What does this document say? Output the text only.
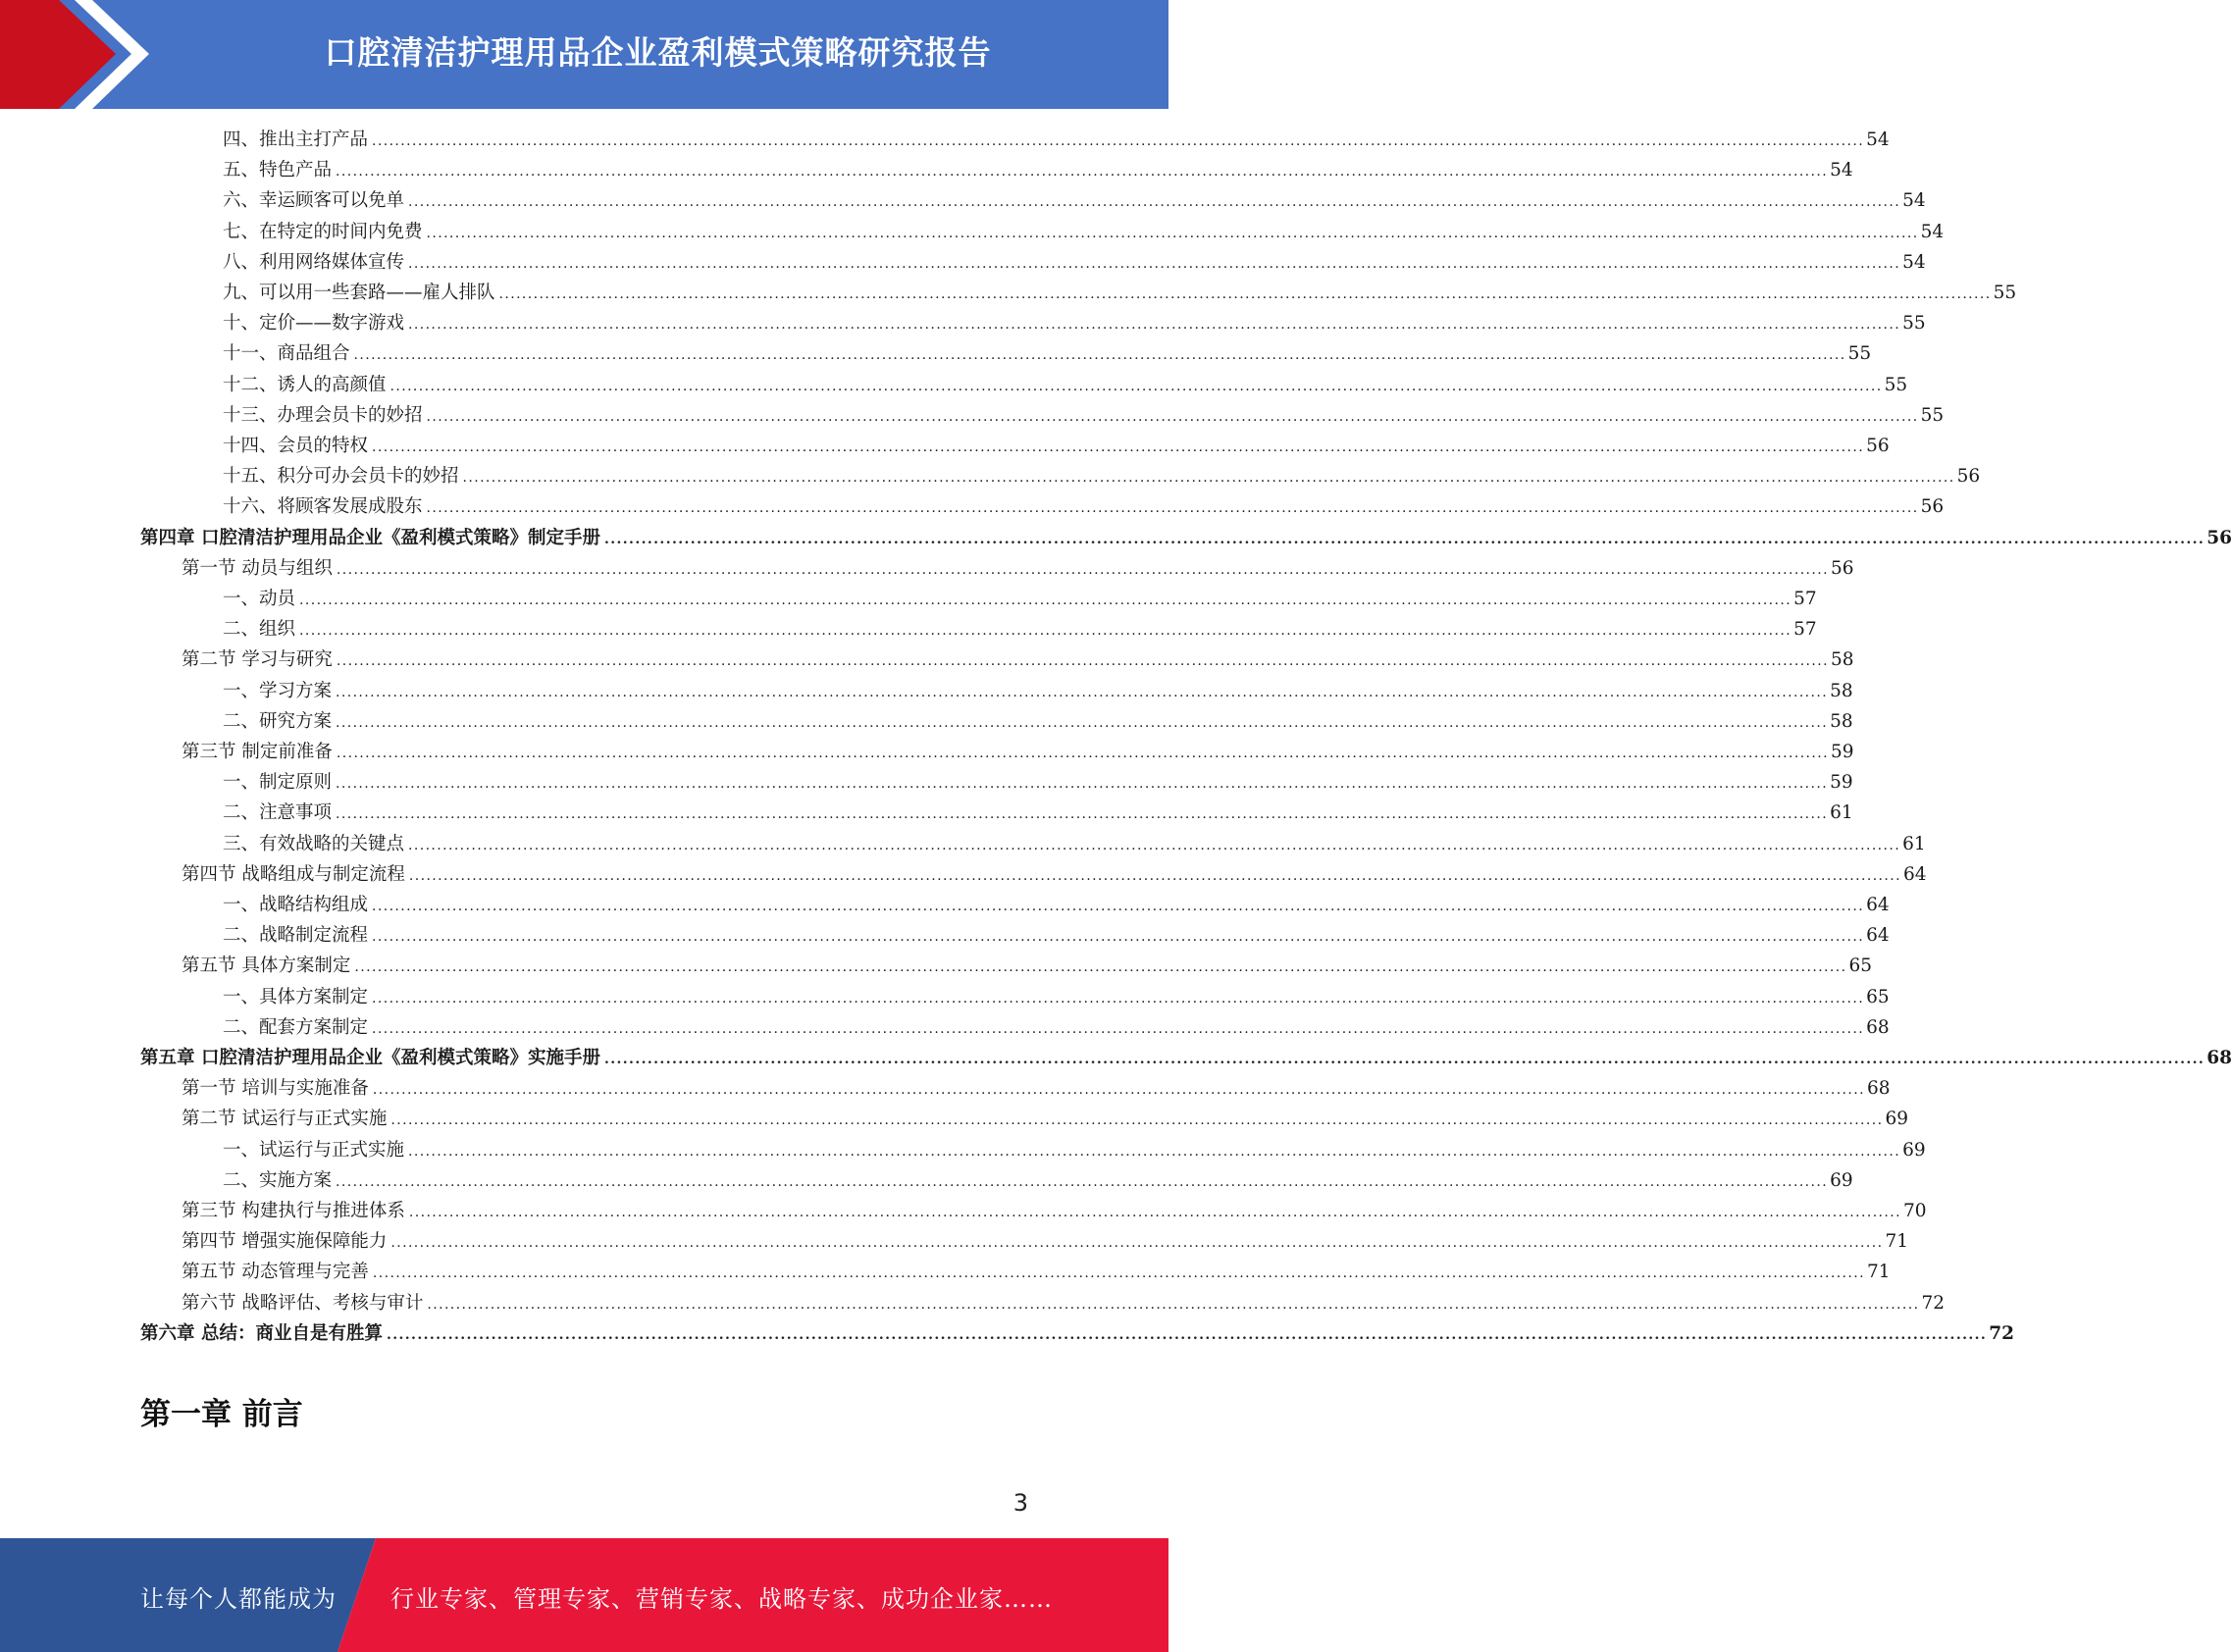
口腔清洁护理用品企业盈利模式策略研究报告
四、推出主打产品 .................................................................................................................................................................................................................................................................... 54
五、特色产品 .................................................................................................................................................................................................................................................................... 54
六、幸运顾客可以免单 .................................................................................................................................................................................................................................................................... 54
七、在特定的时间内免费 .................................................................................................................................................................................................................................................................... 54
八、利用网络媒体宣传 .................................................................................................................................................................................................................................................................... 54
九、可以用一些套路——雇人排队 .................................................................................................................................................................................................................................................................... 55
十、定价——数字游戏 .................................................................................................................................................................................................................................................................... 55
十一、商品组合 .................................................................................................................................................................................................................................................................... 55
十二、诱人的高颜值 .................................................................................................................................................................................................................................................................... 55
十三、办理会员卡的妙招 .................................................................................................................................................................................................................................................................... 55
十四、会员的特权 .................................................................................................................................................................................................................................................................... 56
十五、积分可办会员卡的妙招 .................................................................................................................................................................................................................................................................... 56
十六、将顾客发展成股东 .................................................................................................................................................................................................................................................................... 56
第四章 口腔清洁护理用品企业《盈利模式策略》制定手册 .................................................................................................................................................................................................................................................................... 56
第一节 动员与组织 .................................................................................................................................................................................................................................................................... 56
一、动员 .................................................................................................................................................................................................................................................................... 57
二、组织 .................................................................................................................................................................................................................................................................... 57
第二节 学习与研究 .................................................................................................................................................................................................................................................................... 58
一、学习方案 .................................................................................................................................................................................................................................................................... 58
二、研究方案 .................................................................................................................................................................................................................................................................... 58
第三节 制定前准备 .................................................................................................................................................................................................................................................................... 59
一、制定原则 .................................................................................................................................................................................................................................................................... 59
二、注意事项 .................................................................................................................................................................................................................................................................... 61
三、有效战略的关键点 .................................................................................................................................................................................................................................................................... 61
第四节 战略组成与制定流程 .................................................................................................................................................................................................................................................................... 64
一、战略结构组成 .................................................................................................................................................................................................................................................................... 64
二、战略制定流程 .................................................................................................................................................................................................................................................................... 64
第五节 具体方案制定 .................................................................................................................................................................................................................................................................... 65
一、具体方案制定 .................................................................................................................................................................................................................................................................... 65
二、配套方案制定 .................................................................................................................................................................................................................................................................... 68
第五章 口腔清洁护理用品企业《盈利模式策略》实施手册 .................................................................................................................................................................................................................................................................... 68
第一节 培训与实施准备 .................................................................................................................................................................................................................................................................... 68
第二节 试运行与正式实施 .................................................................................................................................................................................................................................................................... 69
一、试运行与正式实施 .................................................................................................................................................................................................................................................................... 69
二、实施方案 .................................................................................................................................................................................................................................................................... 69
第三节 构建执行与推进体系 .................................................................................................................................................................................................................................................................... 70
第四节 增强实施保障能力 .................................................................................................................................................................................................................................................................... 71
第五节 动态管理与完善 .................................................................................................................................................................................................................................................................... 71
第六节 战略评估、考核与审计 .................................................................................................................................................................................................................................................................... 72
第六章 总结：商业自是有胜算 .................................................................................................................................................................................................................................................................... 72
第一章 前言
3
让每个人都能成为 行业专家、管理专家、营销专家、战略专家、成功企业家……
